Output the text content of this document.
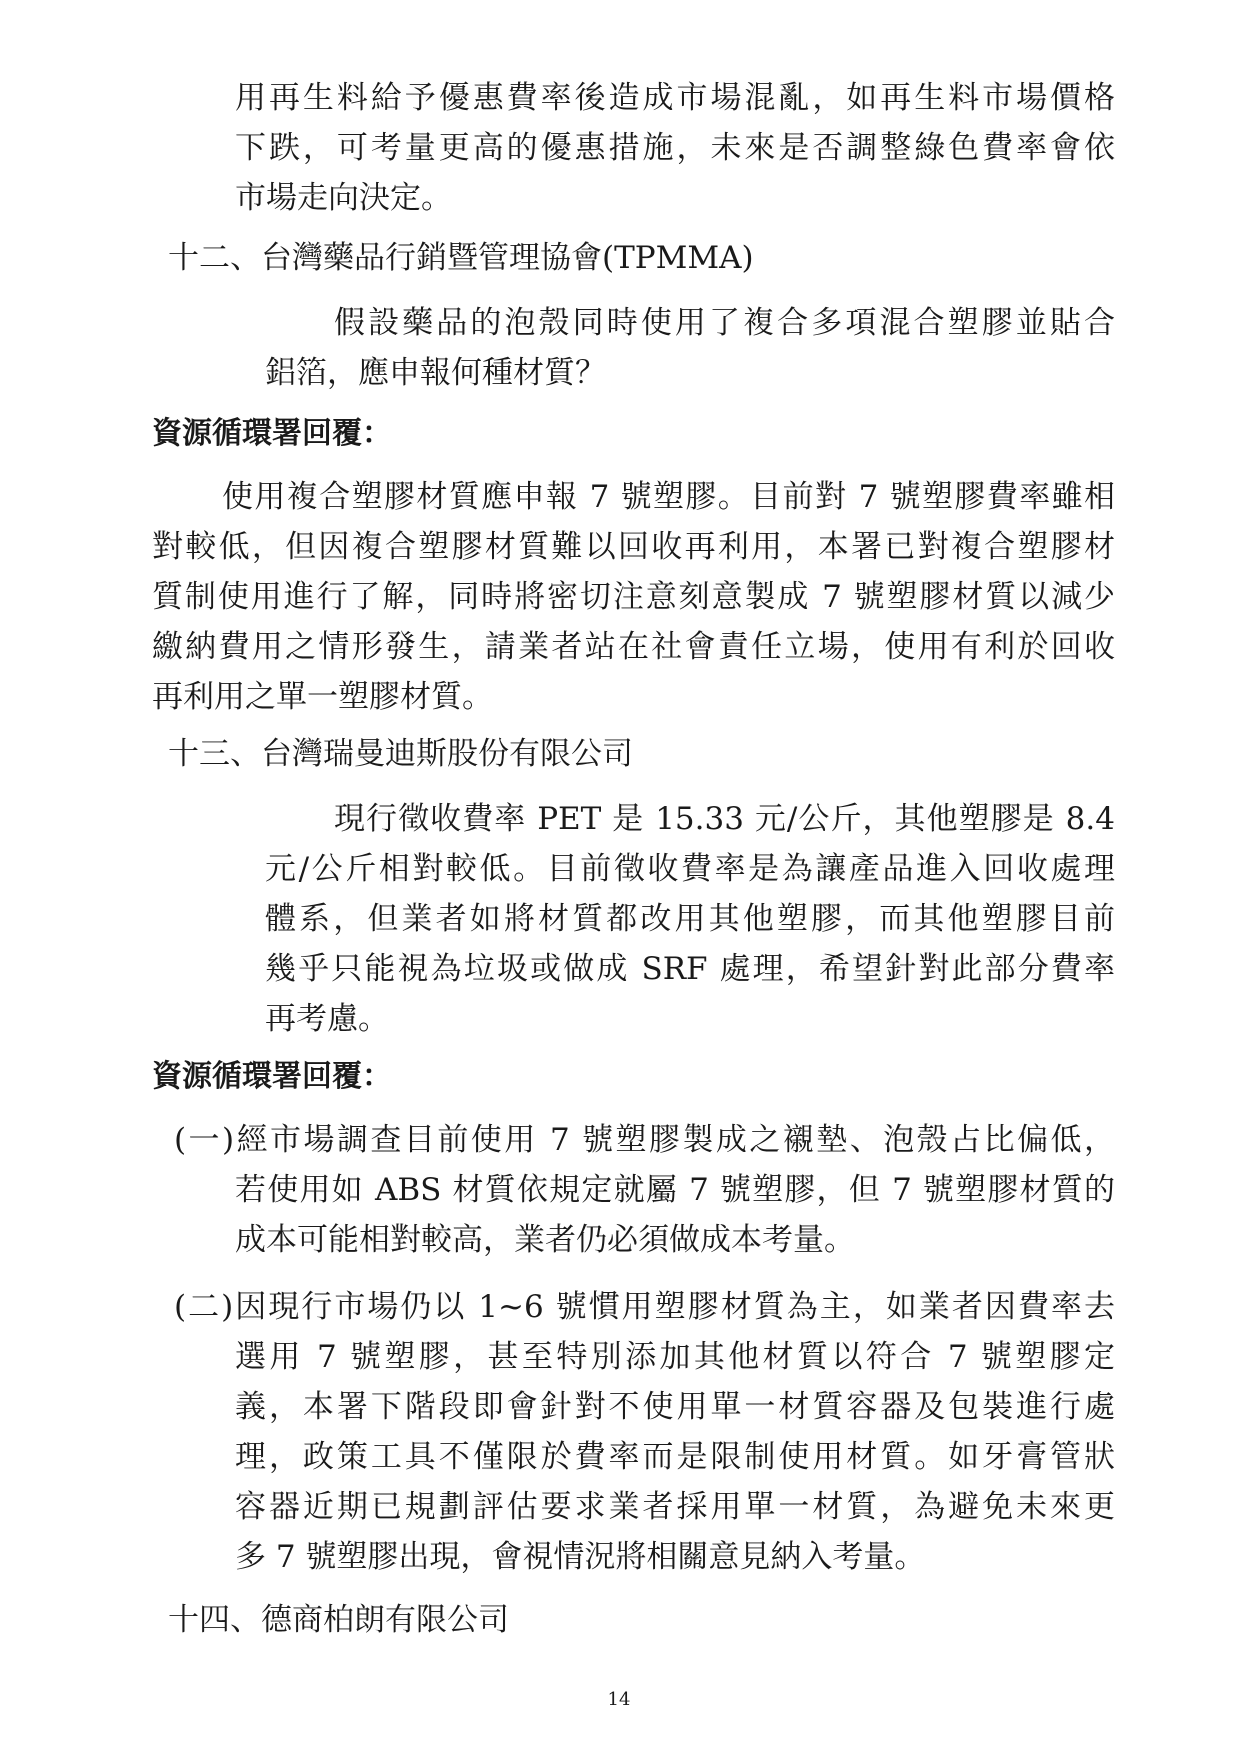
用再生料給予優惠費率後造成市場混亂，如再生料市場價格
下跌，可考量更高的優惠措施，未來是否調整綠色費率會依
市場走向決定。
十二、台灣藥品行銷暨管理協會(TPMMA)
假設藥品的泡殼同時使用了複合多項混合塑膠並貼合
鋁箔，應申報何種材質？
資源循環署回覆：
使用複合塑膠材質應申報 7 號塑膠。目前對 7 號塑膠費率雖相
對較低，但因複合塑膠材質難以回收再利用，本署已對複合塑膠材
質制使用進行了解，同時將密切注意刻意製成 7 號塑膠材質以減少
繳納費用之情形發生，請業者站在社會責任立場，使用有利於回收
再利用之單一塑膠材質。
十三、台灣瑞曼迪斯股份有限公司
現行徵收費率 PET 是 15.33 元/公斤，其他塑膠是 8.4
元/公斤相對較低。目前徵收費率是為讓產品進入回收處理
體系，但業者如將材質都改用其他塑膠，而其他塑膠目前
幾乎只能視為垃圾或做成 SRF 處理，希望針對此部分費率
再考慮。
資源循環署回覆：
(一)經市場調查目前使用 7 號塑膠製成之襯墊、泡殼占比偏低，
若使用如 ABS 材質依規定就屬 7 號塑膠，但 7 號塑膠材質的
成本可能相對較高，業者仍必須做成本考量。
(二)因現行市場仍以 1~6 號慣用塑膠材質為主，如業者因費率去
選用 7 號塑膠，甚至特別添加其他材質以符合 7 號塑膠定
義，本署下階段即會針對不使用單一材質容器及包裝進行處
理，政策工具不僅限於費率而是限制使用材質。如牙膏管狀
容器近期已規劃評估要求業者採用單一材質，為避免未來更
多 7 號塑膠出現，會視情況將相關意見納入考量。
十四、德商柏朗有限公司
14
